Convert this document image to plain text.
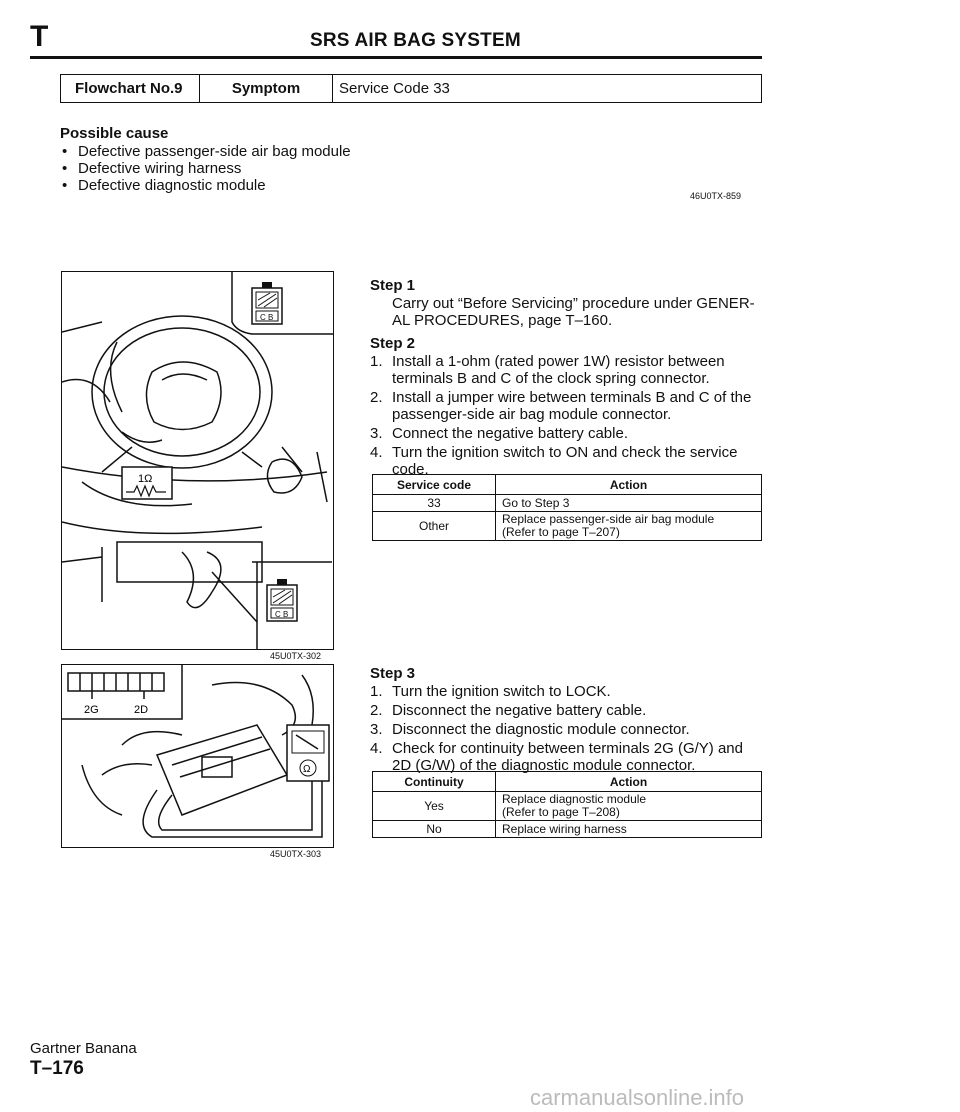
T	SRS AIR BAG SYSTEM
Flowchart No.9	Symptom	Service Code 33
Possible cause
• Defective passenger-side air bag module
• Defective wiring harness
• Defective diagnostic module
46U0TX-859
C B
C B
1Ω
45U0TX-302
Ω
2G	2D
45U0TX-303
Step 1
Carry out “Before Servicing” procedure under GENER-AL PROCEDURES, page T–160.
Step 2
1. Install a 1-ohm (rated power 1W) resistor between terminals B and C of the clock spring connector.
2. Install a jumper wire between terminals B and C of the passenger-side air bag module connector.
3. Connect the negative battery cable.
4. Turn the ignition switch to ON and check the service code.
Service code	Action
33	Go to Step 3
Other	Replace passenger-side air bag module
(Refer to page T–207)
Step 3
1. Turn the ignition switch to LOCK.
2. Disconnect the negative battery cable.
3. Disconnect the diagnostic module connector.
4. Check for continuity between terminals 2G (G/Y) and 2D (G/W) of the diagnostic module connector.
Continuity	Action
Yes	Replace diagnostic module
(Refer to page T–208)
No	Replace wiring harness
Gartner Banana
T–176
carmanualsonline.info
